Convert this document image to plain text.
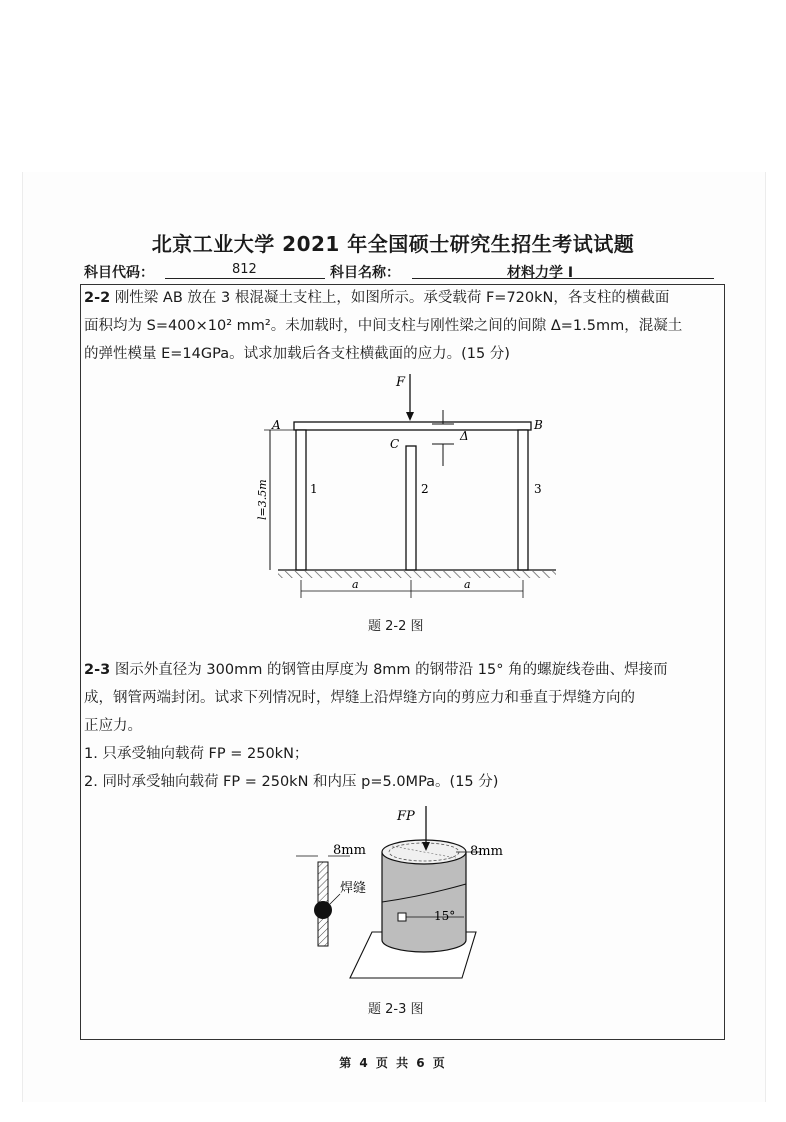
北京工业大学 2021 年全国硕士研究生招生考试试题
科目代码：	812	科目名称：	材料力学 I
2-2 刚性梁 AB 放在 3 根混凝土支柱上，如图所示。承受载荷 F=720kN，各支柱的横截面
面积均为 S=400×10² mm²。未加载时，中间支柱与刚性梁之间的间隙 Δ=1.5mm，混凝土
的弹性模量 E=14GPa。试求加载后各支柱横截面的应力。(15 分)
F
A	B
1	2	3
C
Δ
l=3.5m
a	a
题 2-2 图
2-3 图示外直径为 300mm 的钢管由厚度为 8mm 的钢带沿 15° 角的螺旋线卷曲、焊接而
成，钢管两端封闭。试求下列情况时，焊缝上沿焊缝方向的剪应力和垂直于焊缝方向的
正应力。
1. 只承受轴向载荷 FP = 250kN；
2. 同时承受轴向载荷 FP = 250kN 和内压 p=5.0MPa。(15 分)
15°
FP
8mm
8mm
焊缝
题 2-3 图
第 4 页 共 6 页
